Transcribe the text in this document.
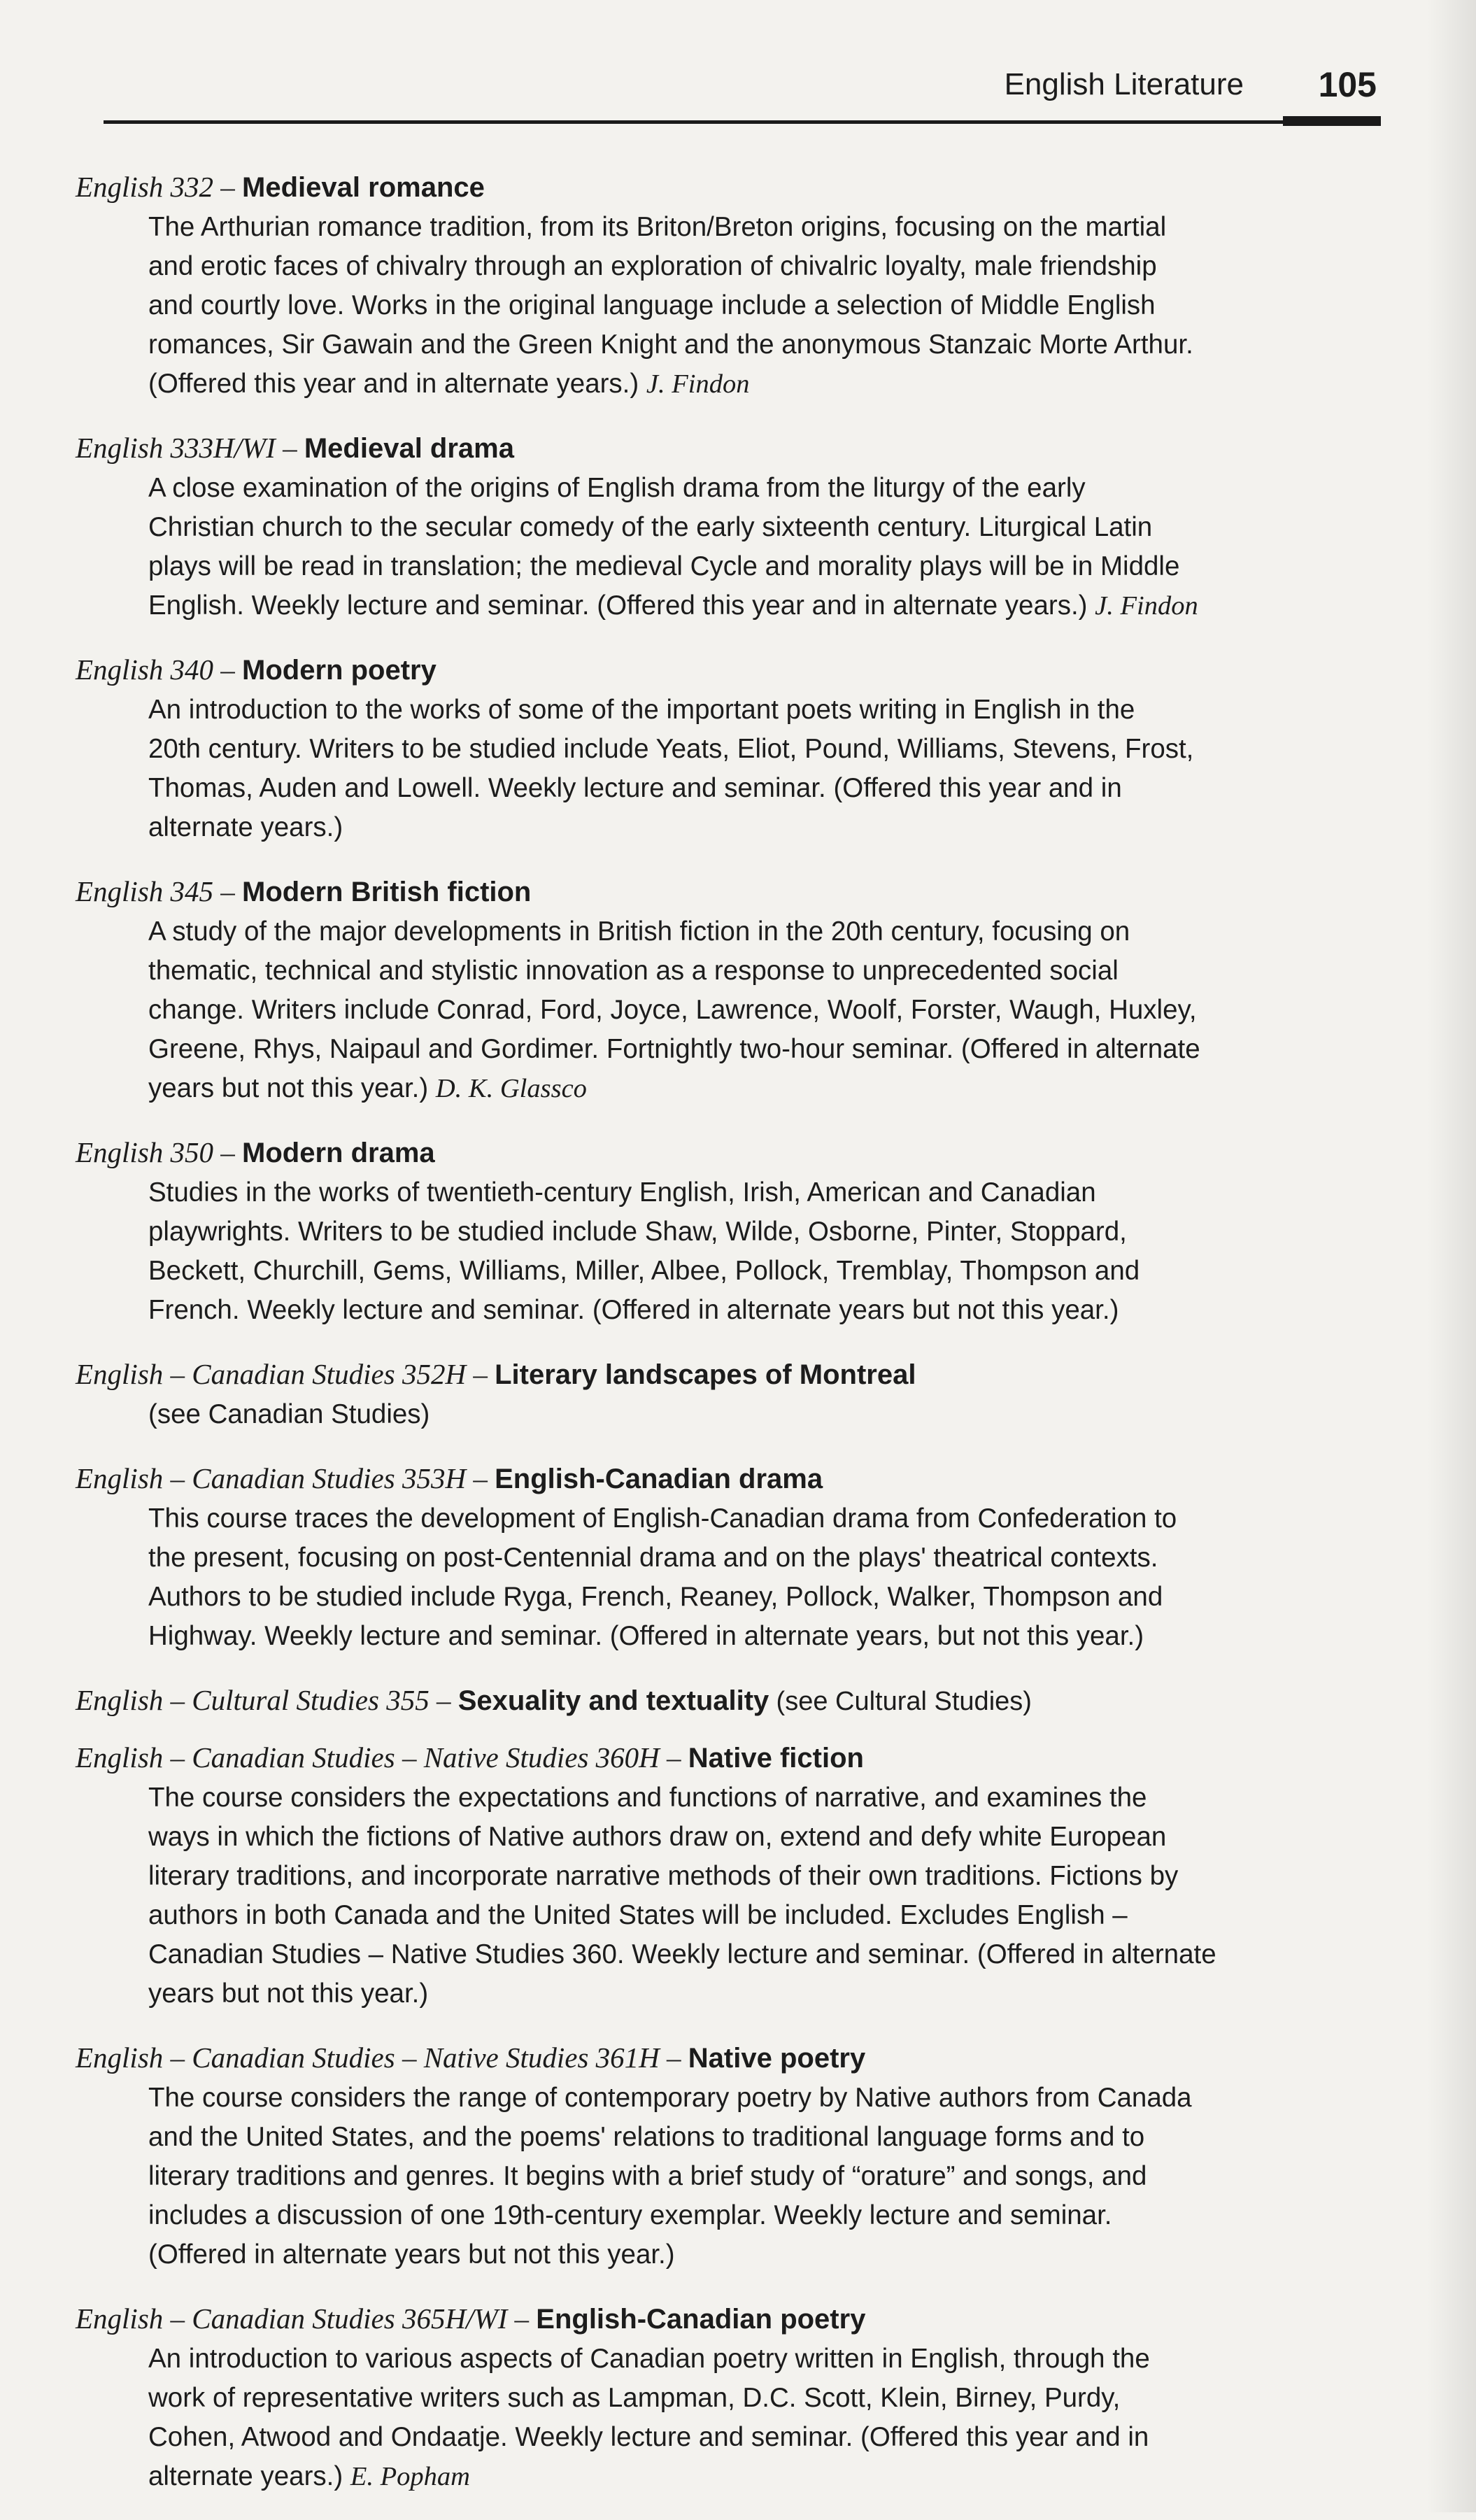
English Literature 105
English 332 – Medieval romance
The Arthurian romance tradition, from its Briton/Breton origins, focusing on the martial
and erotic faces of chivalry through an exploration of chivalric loyalty, male friendship
and courtly love. Works in the original language include a selection of Middle English
romances, Sir Gawain and the Green Knight and the anonymous Stanzaic Morte Arthur.
(Offered this year and in alternate years.) J. Findon
English 333H/WI – Medieval drama
A close examination of the origins of English drama from the liturgy of the early
Christian church to the secular comedy of the early sixteenth century. Liturgical Latin
plays will be read in translation; the medieval Cycle and morality plays will be in Middle
English. Weekly lecture and seminar. (Offered this year and in alternate years.) J. Findon
English 340 – Modern poetry
An introduction to the works of some of the important poets writing in English in the
20th century. Writers to be studied include Yeats, Eliot, Pound, Williams, Stevens, Frost,
Thomas, Auden and Lowell. Weekly lecture and seminar. (Offered this year and in
alternate years.)
English 345 – Modern British fiction
A study of the major developments in British fiction in the 20th century, focusing on
thematic, technical and stylistic innovation as a response to unprecedented social
change. Writers include Conrad, Ford, Joyce, Lawrence, Woolf, Forster, Waugh, Huxley,
Greene, Rhys, Naipaul and Gordimer. Fortnightly two-hour seminar. (Offered in alternate
years but not this year.) D. K. Glassco
English 350 – Modern drama
Studies in the works of twentieth-century English, Irish, American and Canadian
playwrights. Writers to be studied include Shaw, Wilde, Osborne, Pinter, Stoppard,
Beckett, Churchill, Gems, Williams, Miller, Albee, Pollock, Tremblay, Thompson and
French. Weekly lecture and seminar. (Offered in alternate years but not this year.)
English – Canadian Studies 352H – Literary landscapes of Montreal
(see Canadian Studies)
English – Canadian Studies 353H – English-Canadian drama
This course traces the development of English-Canadian drama from Confederation to
the present, focusing on post-Centennial drama and on the plays' theatrical contexts.
Authors to be studied include Ryga, French, Reaney, Pollock, Walker, Thompson and
Highway. Weekly lecture and seminar. (Offered in alternate years, but not this year.)
English – Cultural Studies 355 – Sexuality and textuality (see Cultural Studies)
English – Canadian Studies – Native Studies 360H – Native fiction
The course considers the expectations and functions of narrative, and examines the
ways in which the fictions of Native authors draw on, extend and defy white European
literary traditions, and incorporate narrative methods of their own traditions. Fictions by
authors in both Canada and the United States will be included. Excludes English –
Canadian Studies – Native Studies 360. Weekly lecture and seminar. (Offered in alternate
years but not this year.)
English – Canadian Studies – Native Studies 361H – Native poetry
The course considers the range of contemporary poetry by Native authors from Canada
and the United States, and the poems' relations to traditional language forms and to
literary traditions and genres. It begins with a brief study of “orature” and songs, and
includes a discussion of one 19th-century exemplar. Weekly lecture and seminar.
(Offered in alternate years but not this year.)
English – Canadian Studies 365H/WI – English-Canadian poetry
An introduction to various aspects of Canadian poetry written in English, through the
work of representative writers such as Lampman, D.C. Scott, Klein, Birney, Purdy,
Cohen, Atwood and Ondaatje. Weekly lecture and seminar. (Offered this year and in
alternate years.) E. Popham
